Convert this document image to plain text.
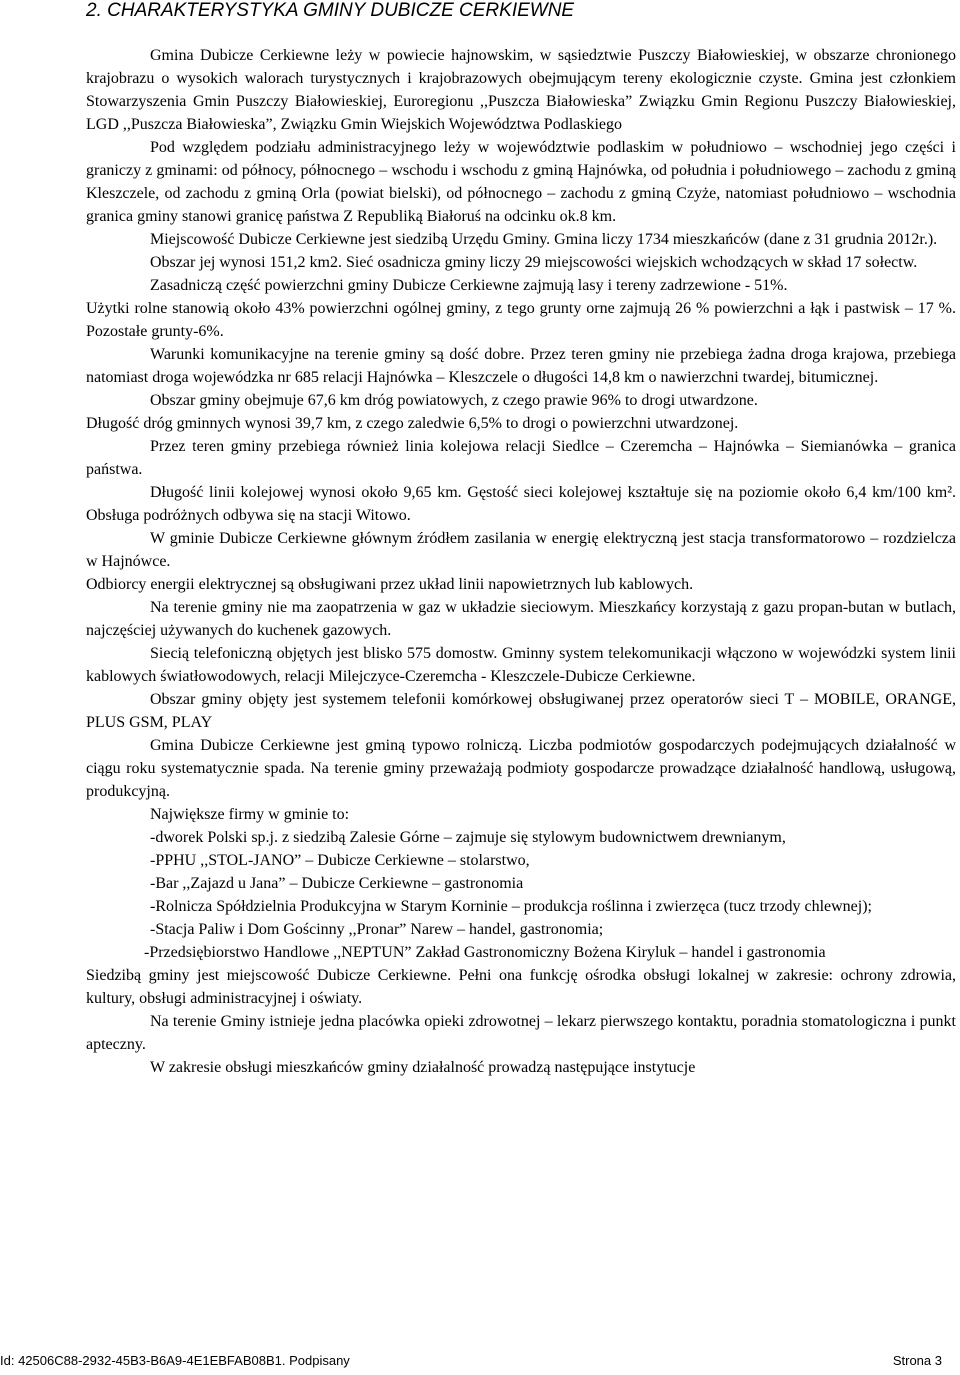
2. CHARAKTERYSTYKA GMINY DUBICZE CERKIEWNE

Gmina Dubicze Cerkiewne leży w powiecie hajnowskim, w sąsiedztwie Puszczy Białowieskiej, w obszarze chronionego krajobrazu o wysokich walorach turystycznych i krajobrazowych obejmującym tereny ekologicznie czyste. Gmina jest członkiem Stowarzyszenia Gmin Puszczy Białowieskiej, Euroregionu ,,Puszcza Białowieska” Związku Gmin Regionu Puszczy Białowieskiej, LGD ,,Puszcza Białowieska”, Związku Gmin Wiejskich Województwa Podlaskiego

Pod względem podziału administracyjnego leży w województwie podlaskim w południowo – wschodniej jego części i graniczy z gminami: od północy, północnego – wschodu i wschodu z gminą Hajnówka, od południa i południowego – zachodu z gminą Kleszczele, od zachodu z gminą Orla (powiat bielski), od północnego – zachodu z gminą Czyże, natomiast południowo – wschodnia granica gminy stanowi granicę państwa Z Republiką Białoruś na odcinku ok.8 km.

Miejscowość Dubicze Cerkiewne jest siedzibą Urzędu Gminy. Gmina liczy 1734 mieszkańców (dane z 31 grudnia 2012r.).

Obszar jej wynosi 151,2 km2. Sieć osadnicza gminy liczy 29 miejscowości wiejskich wchodzących w skład 17 sołectw.

Zasadniczą część powierzchni gminy Dubicze Cerkiewne zajmują lasy i tereny zadrzewione - 51%.

Użytki rolne stanowią około 43% powierzchni ogólnej gminy, z tego grunty orne zajmują 26 % powierzchni a łąk i pastwisk – 17 %. Pozostałe grunty-6%.

Warunki komunikacyjne na terenie gminy są dość dobre. Przez teren gminy nie przebiega żadna droga krajowa, przebiega natomiast droga wojewódzka nr 685 relacji Hajnówka – Kleszczele o długości 14,8 km o nawierzchni twardej, bitumicznej.

Obszar gminy obejmuje 67,6 km dróg powiatowych, z czego prawie 96% to drogi utwardzone.

Długość dróg gminnych wynosi 39,7 km, z czego zaledwie 6,5% to drogi o powierzchni utwardzonej.

Przez teren gminy przebiega również linia kolejowa relacji Siedlce – Czeremcha – Hajnówka – Siemianówka – granica państwa.

Długość linii kolejowej wynosi około 9,65 km. Gęstość sieci kolejowej kształtuje się na poziomie około 6,4 km/100 km². Obsługa podróżnych odbywa się na stacji Witowo.

W gminie Dubicze Cerkiewne głównym źródłem zasilania w energię elektryczną jest stacja transformatorowo – rozdzielcza w Hajnówce.

Odbiorcy energii elektrycznej są obsługiwani przez układ linii napowietrznych lub kablowych.

Na terenie gminy nie ma zaopatrzenia w gaz w układzie sieciowym. Mieszkańcy korzystają z gazu propan-butan w butlach, najczęściej używanych do kuchenek gazowych.

Siecią telefoniczną objętych jest blisko 575 domostw. Gminny system telekomunikacji włączono w wojewódzki system linii kablowych światłowodowych, relacji Milejczyce-Czeremcha - Kleszczele-Dubicze Cerkiewne.

Obszar gminy objęty jest systemem telefonii komórkowej obsługiwanej przez operatorów sieci T – MOBILE, ORANGE, PLUS GSM, PLAY

Gmina Dubicze Cerkiewne jest gminą typowo rolniczą. Liczba podmiotów gospodarczych podejmujących działalność w ciągu roku systematycznie spada. Na terenie gminy przeważają podmioty gospodarcze prowadzące działalność handlową, usługową, produkcyjną.

Największe firmy w gminie to:

-dworek Polski sp.j. z siedzibą Zalesie Górne – zajmuje się stylowym budownictwem drewnianym,

-PPHU ,,STOL-JANO” – Dubicze Cerkiewne – stolarstwo,

-Bar ,,Zajazd u Jana” – Dubicze Cerkiewne – gastronomia

-Rolnicza Spółdzielnia Produkcyjna w Starym Korninie – produkcja roślinna i zwierzęca (tucz trzody chlewnej);

-Stacja Paliw i Dom Gościnny ,,Pronar” Narew – handel, gastronomia;

-Przedsiębiorstwo Handlowe ,,NEPTUN” Zakład Gastronomiczny Bożena Kiryluk – handel i gastronomia

Siedzibą gminy jest miejscowość Dubicze Cerkiewne. Pełni ona funkcję ośrodka obsługi lokalnej w zakresie: ochrony zdrowia, kultury, obsługi administracyjnej i oświaty.

Na terenie Gminy istnieje jedna placówka opieki zdrowotnej – lekarz pierwszego kontaktu, poradnia stomatologiczna i punkt apteczny.

W zakresie obsługi mieszkańców gminy działalność prowadzą następujące instytucje

Id: 42506C88-2932-45B3-B6A9-4E1EBFAB08B1. Podpisany	Strona 3
